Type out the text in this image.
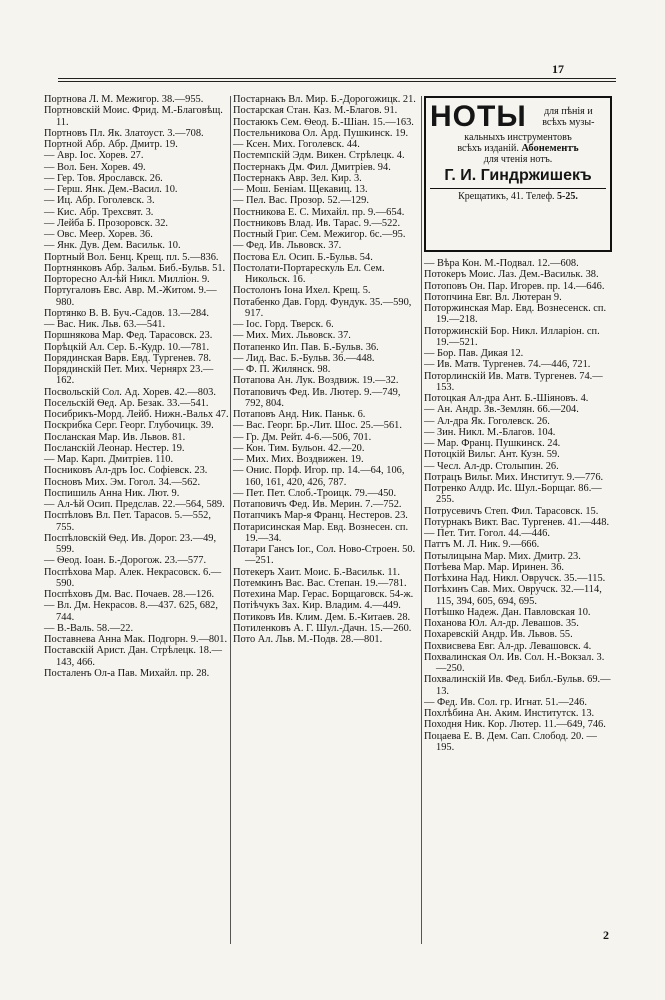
17
Портнова Л. М. Межигор. 38.—955.
Портновскій Моис. Фрид. М.-Благовѣщ. 11.
Портновъ Пл. Як. Златоуст. 3.—708.
Портной Абр. Абр. Дмитр. 19.
— Авр. Іос. Хорев. 27.
— Вол. Бен. Хорев. 49.
— Гер. Тов. Ярославск. 26.
— Герш. Янк. Дем.-Васил. 10.
— Иц. Абр. Гоголевск. 3.
— Кис. Абр. Трехсвят. 3.
— Лейба Б. Прозоровск. 32.
— Овс. Меер. Хорев. 36.
— Янк. Дув. Дем. Васильк. 10.
Портный Вол. Бенц. Крещ. пл. 5.—836.
Портнянковъ Абр. Зальм. Биб.-Бульв. 51.
Порторесно Ал-ѣй Никл. Милліон. 9.
Португаловъ Евс. Авр. М.-Житом. 9.—980.
Портянко В. В. Буч.-Садов. 13.—284.
— Вас. Ник. Льв. 63.—541.
Поршнякова Мар. Фед. Тарасовск. 23.
Порѣцкій Ал. Сер. Б.-Кудр. 10.—781.
Порядинская Варв. Евд. Тургенев. 78.
Порядинскій Пет. Мих. Чернярх 23.—162.
Посвольскій Сол. Ад. Хорев. 42.—803.
Посельскій Ѳед. Ар. Безак. 33.—541.
Посибрикъ-Морд. Лейб. Нижн.-Вальх 47.
Поскрибка Серг. Георг. Глубочицк. 39.
Посланская Мар. Ив. Львов. 81.
Посланскій Леонар. Нестер. 19.
— Мар. Карп. Дмитріев. 110.
Посниковъ Ал-дръ Іос. Софіевск. 23.
Посновъ Мих. Эм. Гогол. 34.—562.
Поспишиль Анна Ник. Лют. 9.
— Ал-ѣй Осип. Предслав. 22.—564, 589.
Поспѣловъ Вл. Пет. Тарасов. 5.—552, 755.
Поспѣловскій Ѳед. Ив. Дорог. 23.—49, 599.
— Ѳеод. Іоан. Б.-Дорогож. 23.—577.
Поспѣхова Мар. Алек. Некрасовск. 6.—590.
Поспѣховъ Дм. Вас. Почаев. 28.—126.
— Вл. Дм. Некрасов. 8.—437. 625, 682, 744.
— В.-Валь. 58.—22.
Поставнева Анна Мак. Подгорн. 9.—801.
Поставскій Арист. Дан. Стрѣлецк. 18.—143, 466.
Посталенъ Ол-а Пав. Михайл. пр. 28.
Постарнакъ Вл. Мир. Б.-Дорогожицк. 21.
Постарская Стан. Каз. М.-Благов. 91.
Постаюкъ Сем. Ѳеод. Б.-Шіан. 15.—163.
Постельникова Ол. Ард. Пушкинск. 19.
— Ксен. Мих. Гоголевск. 44.
Постемпскій Эдм. Викен. Стрѣлецк. 4.
Постернакъ Дм. Фил. Дмитріев. 94.
Постернакъ Авр. Зел. Кир. 3.
— Мош. Беніам. Щекавиц. 13.
— Пел. Вас. Прозор. 52.—129.
Постникова Е. С. Михайл. пр. 9.—654.
Постниковъ Влад. Ив. Тарас. 9.—522.
Постный Григ. Сем. Межигор. 6с.—95.
— Фед. Ив. Львовск. 37.
Постова Ел. Осип. Б.-Бульв. 54.
Постолати-Портарескуль Ел. Сем. Никольск. 16.
Постолонъ Іона Ихел. Крещ. 5.
Потабенко Дав. Горд. Фундук. 35.—590, 917.
— Іос. Горд. Тверск. 6.
— Мих. Мих. Львовск. 37.
Потапенко Ип. Пав. Б.-Бульв. 36.
— Лид. Вас. Б.-Бульв. 36.—448.
— Ф. П. Жилянск. 98.
Потапова Ан. Лук. Воздвиж. 19.—32.
Потаповичъ Фед. Ив. Лютер. 9.—749, 792, 804.
Потаповъ Анд. Ник. Паньк. 6.
— Вас. Георг. Бр.-Лит. Шос. 25.—561.
— Гр. Дм. Рейт. 4-6.—506, 701.
— Кон. Тим. Бульон. 42.—20.
— Мих. Мих. Воздвижен. 19.
— Онис. Порф. Игор. пр. 14.—64, 106, 160, 161, 420, 426, 787.
— Пет. Пет. Слоб.-Троицк. 79.—450.
Потаповичъ Фед. Ив. Мерин. 7.—752.
Потапчикъ Мар-я Франц. Нестеров. 23.
Потарисинская Мар. Евд. Вознесен. сп. 19.—34.
Потари Гансъ Іог., Сол. Ново-Строен. 50.—251.
Потекеръ Хаит. Моис. Б.-Васильк. 11.
Потемкинъ Вас. Вас. Степан. 19.—781.
Потехина Мар. Герас. Борщаговск. 54-ж.
Потіѣчукъ Зах. Кир. Владим. 4.—449.
Потиковъ Ив. Клим. Дем. Б.-Китаев. 28.
Потиленковъ А. Г. Шул.-Дачн. 15.—260.
Пото Ал. Льв. М.-Подв. 28.—801.
НОТЫ	для пѣнія и всѣхъ музы-
кальныхъ инструментовъ
всѣхъ изданій. Абонементъ
для чтенія нотъ.
Г. И. Гиндржишекъ
Крещатикъ, 41. Телеф. 5-25.
— Вѣра Кон. М.-Подвал. 12.—608.
Потокеръ Моис. Лаз. Дем.-Васильк. 38.
Потоповъ Он. Пар. Игорев. пр. 14.—646.
Потопчина Евг. Вл. Лютеран 9.
Поторжинская Мар. Евд. Вознесенск. сп. 19.—218.
Поторжинскій Бор. Никл. Илларіон. сп. 19.—521.
— Бор. Пав. Дикая 12.
— Ив. Матв. Тургенев. 74.—446, 721.
Поторлинскій Ив. Матв. Тургенев. 74.—153.
Потоцкая Ал-дра Ант. Б.-Шіяновъ. 4.
— Ан. Андр. Зв.-Землян. 66.—204.
— Ал-дра Як. Гоголевск. 26.
— Зин. Никл. М.-Благов. 104.
— Мар. Франц. Пушкинск. 24.
Потоцкій Вильг. Ант. Кузн. 59.
— Чесл. Ал-др. Столыпин. 26.
Потрацъ Вильг. Мих. Институт. 9.—776.
Потренко Алдр. Ис. Шул.-Борщаг. 86.—255.
Потрусевичъ Степ. Фил. Тарасовск. 15.
Потурнакъ Викт. Вас. Тургенев. 41.—448.
— Пет. Тит. Гогол. 44.—446.
Паттъ М. Л. Ник. 9.—666.
Потылицына Мар. Мих. Дмитр. 23.
Потѣева Мар. Мар. Иринен. 36.
Потѣхина Над. Никл. Овручск. 35.—115.
Потѣхинъ Сав. Мих. Овручск. 32.—114, 115, 394, 605, 694, 695.
Потѣшко Надеж. Дан. Павловская 10.
Поханова Юл. Ал-др. Левашов. 35.
Похаревскій Андр. Ив. Львов. 55.
Похвисвева Евг. Ал-др. Левашовск. 4.
Похвалинская Ол. Ив. Сол. Н.-Вокзал. 3.—250.
Похвалинскій Ив. Фед. Библ.-Бульв. 69.—13.
— Фед. Ив. Сол. гр. Игнат. 51.—246.
Похлѣбина Ан. Аким. Институтск. 13.
Походня Ник. Кор. Лютер. 11.—649, 746.
Поцаева Е. В. Дем. Сап. Слобод. 20. —195.
2
